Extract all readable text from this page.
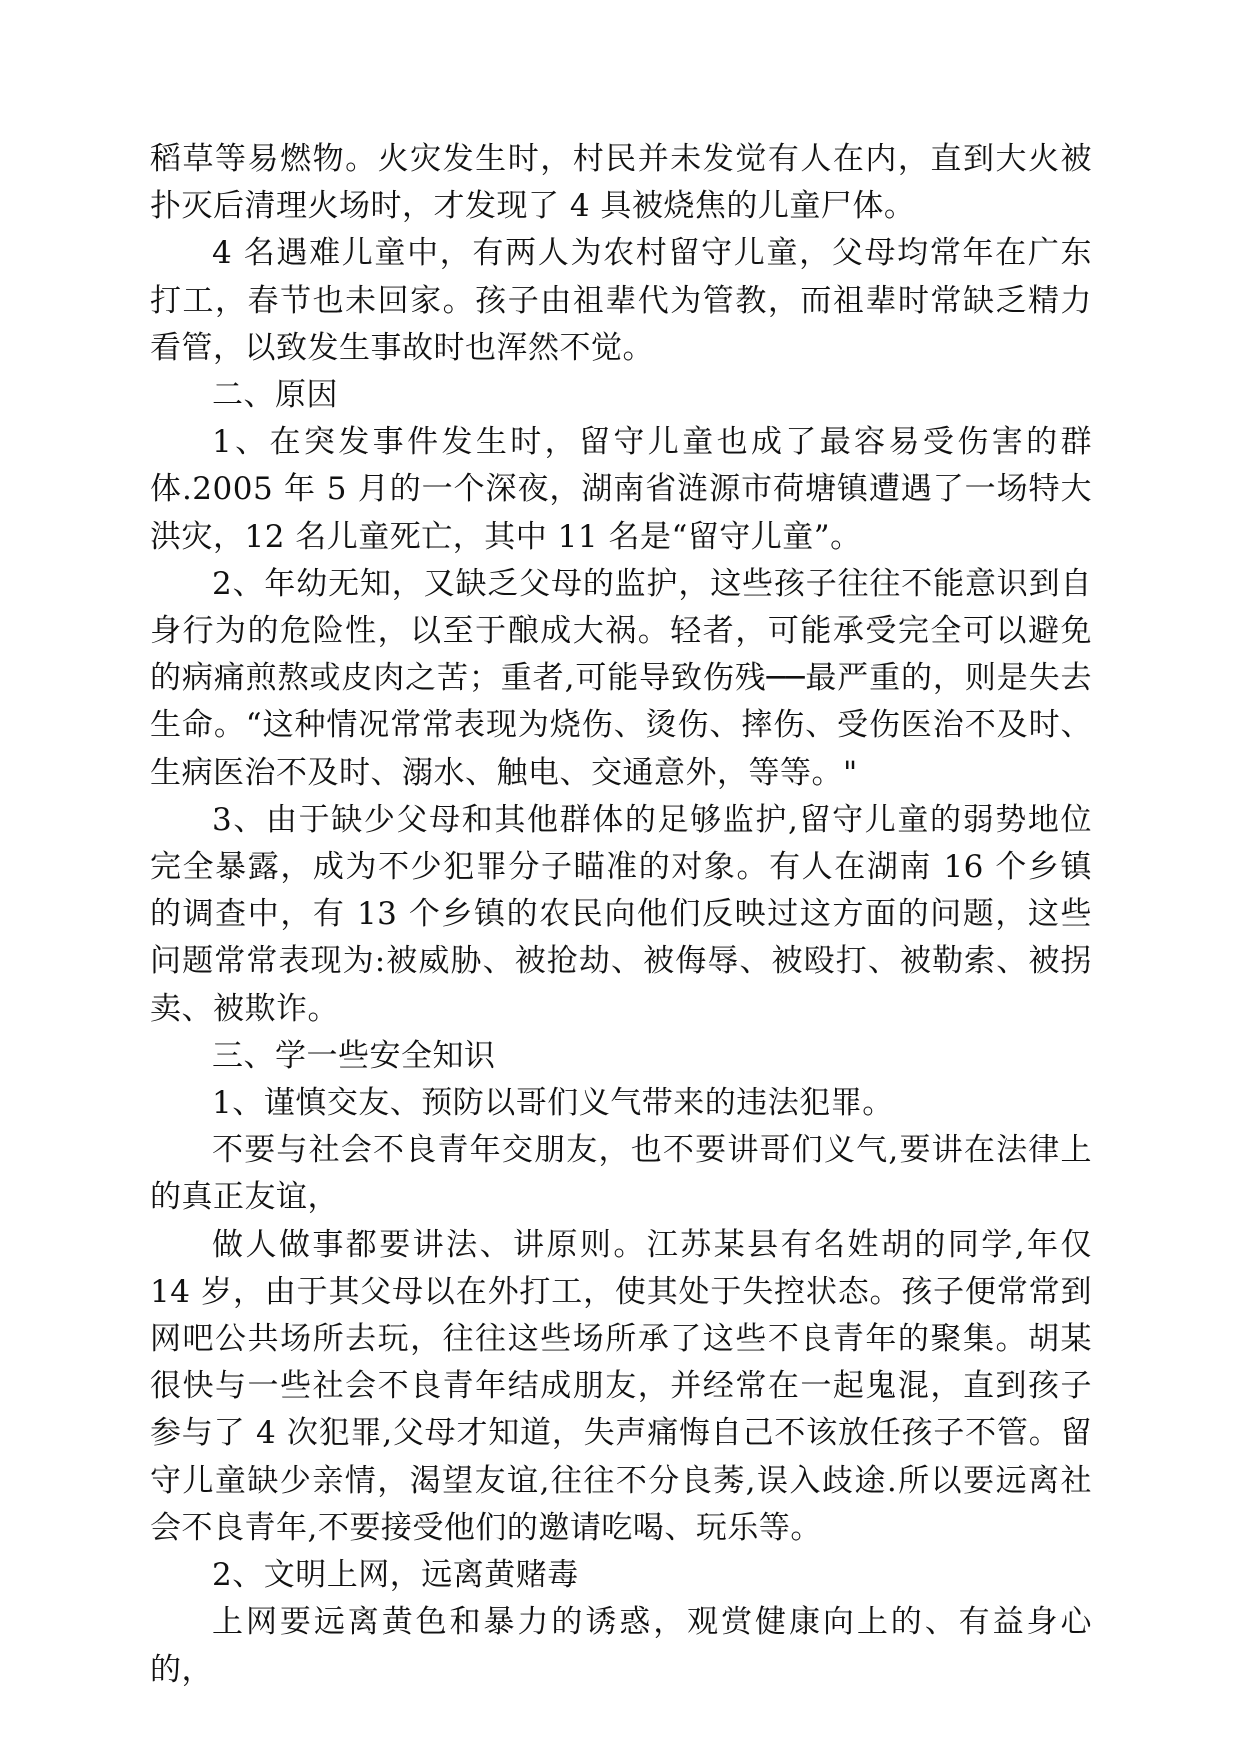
稻草等易燃物。火灾发生时，村民并未发觉有人在内，直到大火被扑灭后清理火场时，才发现了 4 具被烧焦的儿童尸体。

4 名遇难儿童中，有两人为农村留守儿童，父母均常年在广东打工，春节也未回家。孩子由祖辈代为管教，而祖辈时常缺乏精力看管，以致发生事故时也浑然不觉。

二、原因

1、在突发事件发生时，留守儿童也成了最容易受伤害的群体.2005 年 5 月的一个深夜，湖南省涟源市荷塘镇遭遇了一场特大洪灾，12 名儿童死亡，其中 11 名是“留守儿童”。

2、年幼无知，又缺乏父母的监护，这些孩子往往不能意识到自身行为的危险性，以至于酿成大祸。轻者，可能承受完全可以避免的病痛煎熬或皮肉之苦；重者,可能导致伤残──最严重的，则是失去生命。“这种情况常常表现为烧伤、烫伤、摔伤、受伤医治不及时、生病医治不及时、溺水、触电、交通意外，等等。"

3、由于缺少父母和其他群体的足够监护,留守儿童的弱势地位完全暴露，成为不少犯罪分子瞄准的对象。有人在湖南 16 个乡镇的调查中，有 13 个乡镇的农民向他们反映过这方面的问题，这些问题常常表现为:被威胁、被抢劫、被侮辱、被殴打、被勒索、被拐卖、被欺诈。

三、学一些安全知识

1、谨慎交友、预防以哥们义气带来的违法犯罪。

不要与社会不良青年交朋友，也不要讲哥们义气,要讲在法律上的真正友谊，

做人做事都要讲法、讲原则。江苏某县有名姓胡的同学,年仅 14 岁，由于其父母以在外打工，使其处于失控状态。孩子便常常到网吧公共场所去玩，往往这些场所承了这些不良青年的聚集。胡某很快与一些社会不良青年结成朋友，并经常在一起鬼混，直到孩子参与了 4 次犯罪,父母才知道，失声痛悔自己不该放任孩子不管。留守儿童缺少亲情，渴望友谊,往往不分良莠,误入歧途.所以要远离社会不良青年,不要接受他们的邀请吃喝、玩乐等。

2、文明上网，远离黄赌毒

上网要远离黄色和暴力的诱惑，观赏健康向上的、有益身心的，
